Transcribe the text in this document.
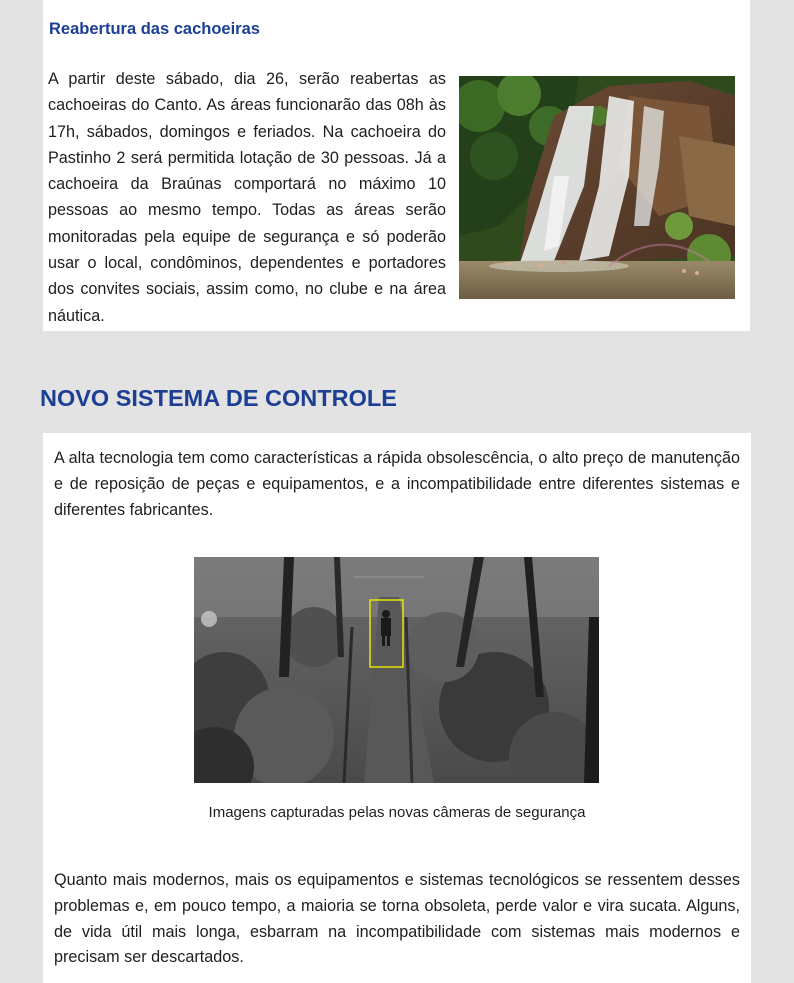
Reabertura das cachoeiras

A partir deste sábado, dia 26, serão reabertas as cachoeiras do Canto. As áreas funcionarão das 08h às 17h, sábados, domingos e feriados. Na cachoeira do Pastinho 2 será permitida lotação de 30 pessoas. Já a cachoeira da Braúnas comportará no máximo 10 pessoas ao mesmo tempo. Todas as áreas serão monitoradas pela equipe de segurança e só poderão usar o local, condôminos, dependentes e portadores dos convites sociais, assim como, no clube e na área náutica.

NOVO SISTEMA DE CONTROLE

A alta tecnologia tem como características a rápida obsolescência, o alto preço de manutenção e de reposição de peças e equipamentos, e a incompatibilidade entre diferentes sistemas e diferentes fabricantes.

Imagens capturadas pelas novas câmeras de segurança

Quanto mais modernos, mais os equipamentos e sistemas tecnológicos se ressentem desses problemas e, em pouco tempo, a maioria se torna obsoleta, perde valor e vira sucata. Alguns, de vida útil mais longa, esbarram na incompatibilidade com sistemas mais modernos e precisam ser descartados.
